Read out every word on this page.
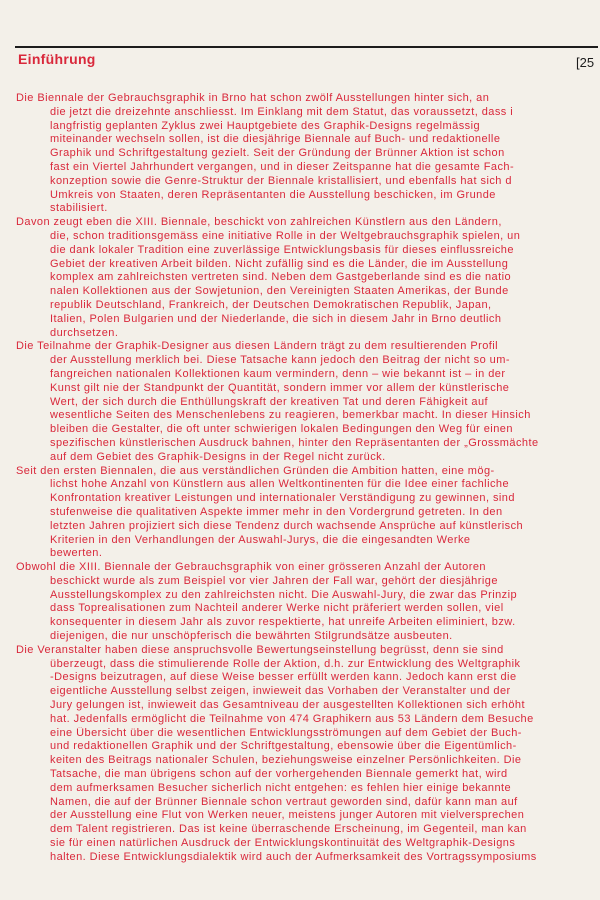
Einführung	[25
Die Biennale der Gebrauchsgraphik in Brno hat schon zwölf Ausstellungen hinter sich, an
die jetzt die dreizehnte anschliesst. Im Einklang mit dem Statut, das voraussetzt, dass i
langfristig geplanten Zyklus zwei Hauptgebiete des Graphik-Designs regelmässig
miteinander wechseln sollen, ist die diesjährige Biennale auf Buch- und redaktionelle
Graphik und Schriftgestaltung gezielt. Seit der Gründung der Brünner Aktion ist schon
fast ein Viertel Jahrhundert vergangen, und in dieser Zeitspanne hat die gesamte Fach-
konzeption sowie die Genre-Struktur der Biennale kristallisiert, und ebenfalls hat sich d
Umkreis von Staaten, deren Repräsentanten die Ausstellung beschicken, im Grunde
stabilisiert.
Davon zeugt eben die XIII. Biennale, beschickt von zahlreichen Künstlern aus den Ländern,
die, schon traditionsgemäss eine initiative Rolle in der Weltgebrauchsgraphik spielen, un
die dank lokaler Tradition eine zuverlässige Entwicklungsbasis für dieses einflussreiche
Gebiet der kreativen Arbeit bilden. Nicht zufällig sind es die Länder, die im Ausstellung
komplex am zahlreichsten vertreten sind. Neben dem Gastgeberlande sind es die natio
nalen Kollektionen aus der Sowjetunion, den Vereinigten Staaten Amerikas, der Bunde
republik Deutschland, Frankreich, der Deutschen Demokratischen Republik, Japan,
Italien, Polen Bulgarien und der Niederlande, die sich in diesem Jahr in Brno deutlich
durchsetzen.
Die Teilnahme der Graphik-Designer aus diesen Ländern trägt zu dem resultierenden Profil
der Ausstellung merklich bei. Diese Tatsache kann jedoch den Beitrag der nicht so um-
fangreichen nationalen Kollektionen kaum vermindern, denn – wie bekannt ist – in der
Kunst gilt nie der Standpunkt der Quantität, sondern immer vor allem der künstlerische
Wert, der sich durch die Enthüllungskraft der kreativen Tat und deren Fähigkeit auf
wesentliche Seiten des Menschenlebens zu reagieren, bemerkbar macht. In dieser Hinsich
bleiben die Gestalter, die oft unter schwierigen lokalen Bedingungen den Weg für einen
spezifischen künstlerischen Ausdruck bahnen, hinter den Repräsentanten der „Grossmächte
auf dem Gebiet des Graphik-Designs in der Regel nicht zurück.
Seit den ersten Biennalen, die aus verständlichen Gründen die Ambition hatten, eine mög-
lichst hohe Anzahl von Künstlern aus allen Weltkontinenten für die Idee einer fachliche
Konfrontation kreativer Leistungen und internationaler Verständigung zu gewinnen, sind
stufenweise die qualitativen Aspekte immer mehr in den Vordergrund getreten. In den
letzten Jahren projiziert sich diese Tendenz durch wachsende Ansprüche auf künstlerisch
Kriterien in den Verhandlungen der Auswahl-Jurys, die die eingesandten Werke
bewerten.
Obwohl die XIII. Biennale der Gebrauchsgraphik von einer grösseren Anzahl der Autoren
beschickt wurde als zum Beispiel vor vier Jahren der Fall war, gehört der diesjährige
Ausstellungskomplex zu den zahlreichsten nicht. Die Auswahl-Jury, die zwar das Prinzip
dass Toprealisationen zum Nachteil anderer Werke nicht präferiert werden sollen, viel
konsequenter in diesem Jahr als zuvor respektierte, hat unreife Arbeiten eliminiert, bzw.
diejenigen, die nur unschöpferisch die bewährten Stilgrundsätze ausbeuten.
Die Veranstalter haben diese anspruchsvolle Bewertungseinstellung begrüsst, denn sie sind
überzeugt, dass die stimulierende Rolle der Aktion, d.h. zur Entwicklung des Weltgraphik
-Designs beizutragen, auf diese Weise besser erfüllt werden kann. Jedoch kann erst die
eigentliche Ausstellung selbst zeigen, inwieweit das Vorhaben der Veranstalter und der
Jury gelungen ist, inwieweit das Gesamtniveau der ausgestellten Kollektionen sich erhöht
hat. Jedenfalls ermöglicht die Teilnahme von 474 Graphikern aus 53 Ländern dem Besuche
eine Übersicht über die wesentlichen Entwicklungsströmungen auf dem Gebiet der Buch-
und redaktionellen Graphik und der Schriftgestaltung, ebensowie über die Eigentümlich-
keiten des Beitrags nationaler Schulen, beziehungsweise einzelner Persönlichkeiten. Die
Tatsache, die man übrigens schon auf der vorhergehenden Biennale gemerkt hat, wird
dem aufmerksamen Besucher sicherlich nicht entgehen: es fehlen hier einige bekannte
Namen, die auf der Brünner Biennale schon vertraut geworden sind, dafür kann man auf
der Ausstellung eine Flut von Werken neuer, meistens junger Autoren mit vielversprechen
dem Talent registrieren. Das ist keine überraschende Erscheinung, im Gegenteil, man kan
sie für einen natürlichen Ausdruck der Entwicklungskontinuität des Weltgraphik-Designs
halten. Diese Entwicklungsdialektik wird auch der Aufmerksamkeit des Vortragssymposiums
